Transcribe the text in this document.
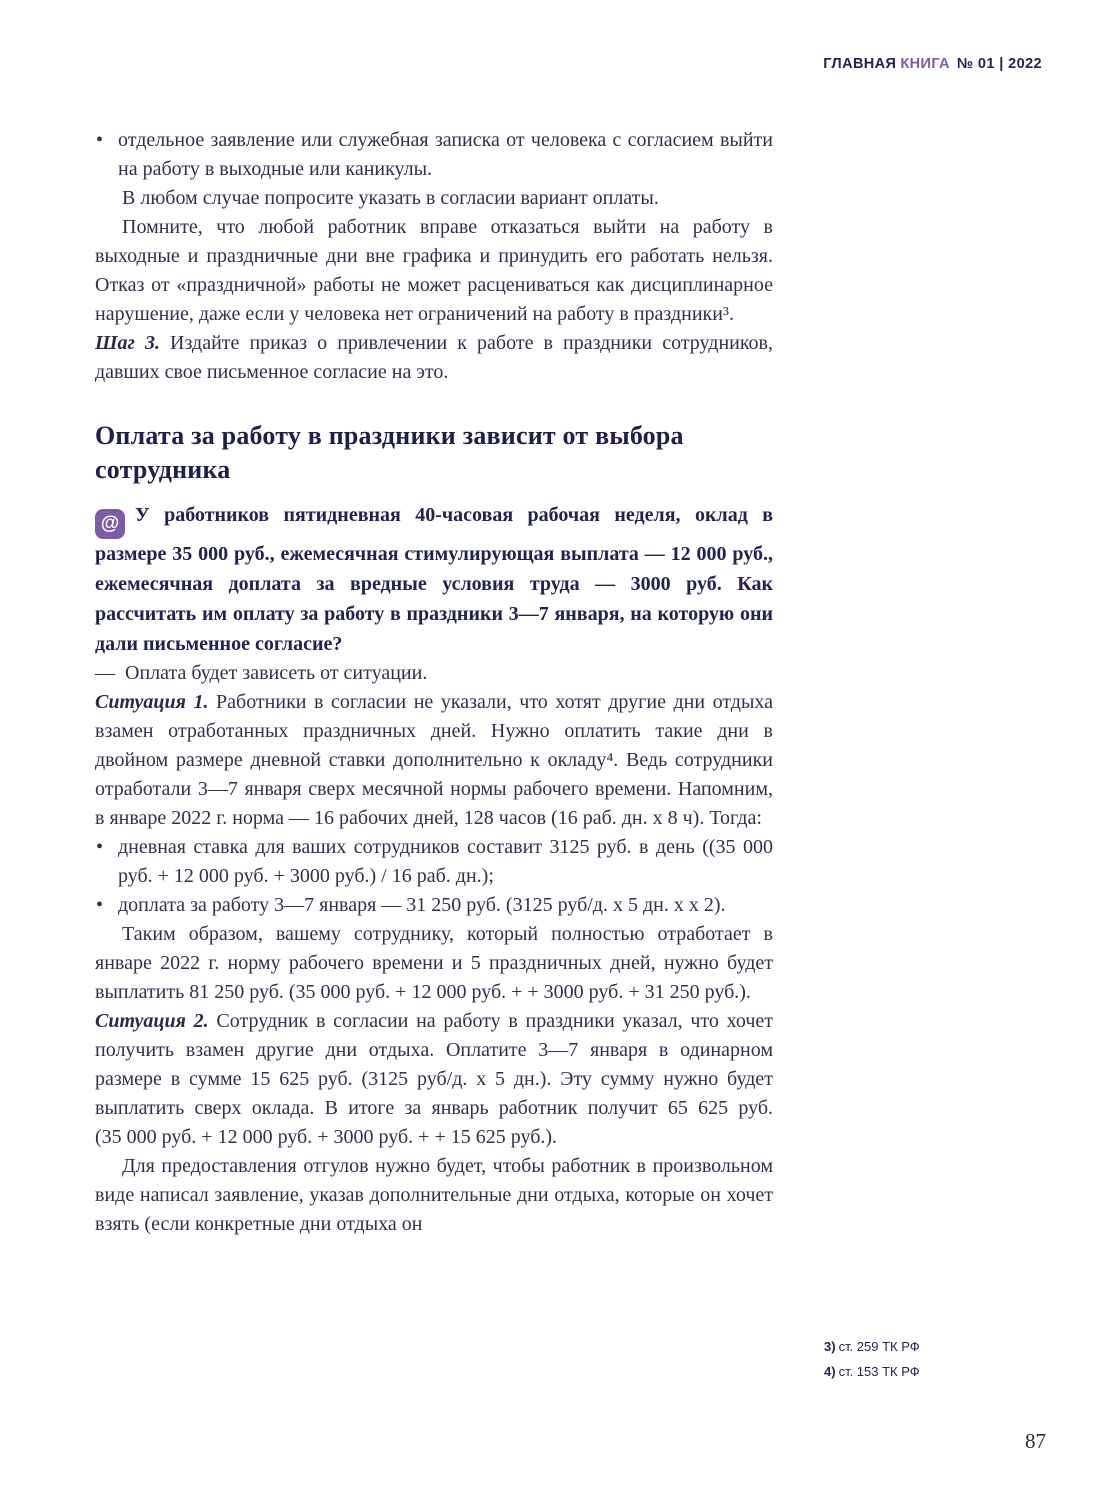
ГЛАВНАЯ КНИГА № 01 | 2022
• отдельное заявление или служебная записка от человека с согласием выйти на работу в выходные или каникулы.

В любом случае попросите указать в согласии вариант оплаты.

Помните, что любой работник вправе отказаться выйти на работу в выходные и праздничные дни вне графика и принудить его работать нельзя. Отказ от «праздничной» работы не может расцениваться как дисциплинарное нарушение, даже если у человека нет ограничений на работу в праздники³.

Шаг 3. Издайте приказ о привлечении к работе в праздники сотрудников, давших свое письменное согласие на это.

Оплата за работу в праздники зависит от выбора сотрудника

@ У работников пятидневная 40-часовая рабочая неделя, оклад в размере 35 000 руб., ежемесячная стимулирующая выплата — 12 000 руб., ежемесячная доплата за вредные условия труда — 3000 руб. Как рассчитать им оплату за работу в праздники 3—7 января, на которую они дали письменное согласие?

— Оплата будет зависеть от ситуации.

Ситуация 1. Работники в согласии не указали, что хотят другие дни отдыха взамен отработанных праздничных дней. Нужно оплатить такие дни в двойном размере дневной ставки дополнительно к окладу⁴. Ведь сотрудники отработали 3—7 января сверх месячной нормы рабочего времени. Напомним, в январе 2022 г. норма — 16 рабочих дней, 128 часов (16 раб. дн. х 8 ч). Тогда:

• дневная ставка для ваших сотрудников составит 3125 руб. в день ((35 000 руб. + 12 000 руб. + 3000 руб.) / 16 раб. дн.);
• доплата за работу 3—7 января — 31 250 руб. (3125 руб/д. х 5 дн. х х 2).

Таким образом, вашему сотруднику, который полностью отработает в январе 2022 г. норму рабочего времени и 5 праздничных дней, нужно будет выплатить 81 250 руб. (35 000 руб. + 12 000 руб. + + 3000 руб. + 31 250 руб.).

Ситуация 2. Сотрудник в согласии на работу в праздники указал, что хочет получить взамен другие дни отдыха. Оплатите 3—7 января в одинарном размере в сумме 15 625 руб. (3125 руб/д. х 5 дн.). Эту сумму нужно будет выплатить сверх оклада. В итоге за январь работник получит 65 625 руб. (35 000 руб. + 12 000 руб. + 3000 руб. + + 15 625 руб.).

Для предоставления отгулов нужно будет, чтобы работник в произвольном виде написал заявление, указав дополнительные дни отдыха, которые он хочет взять (если конкретные дни отдыха он

3) ст. 259 ТК РФ
4) ст. 153 ТК РФ
87
